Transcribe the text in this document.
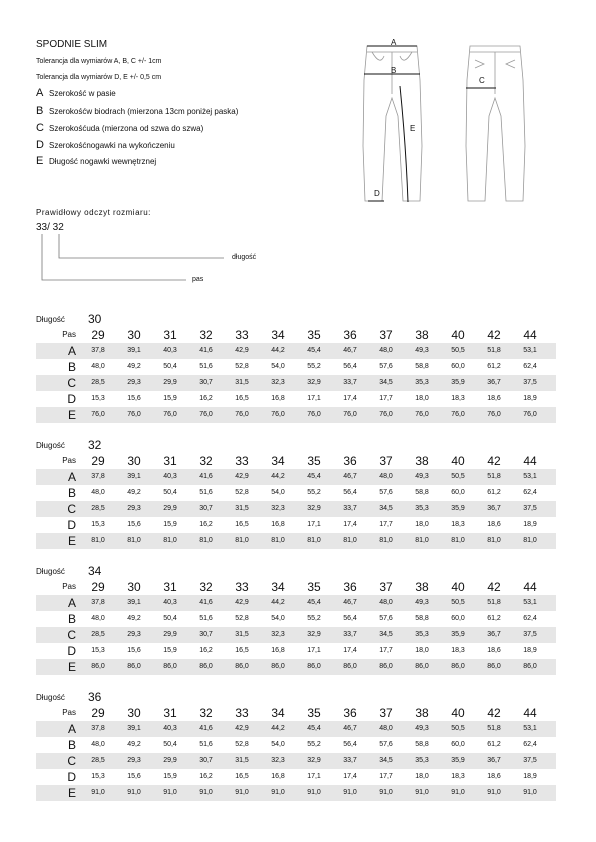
SPODNIE SLIM
Tolerancja dla wymiarów A, B, C +/- 1cm
Tolerancja dla wymiarów D, E +/- 0,5 cm
A Szerokość w pasie
B Szerokośćw biodrach (mierzona 13cm poniżej paska)
C Szerokośćuda (mierzona od szwa do szwa)
D Szerokośćnogawki na wykończeniu
E Długość nogawki wewnętrznej
A
B
C
D
E
Prawidłowy odczyt rozmiaru:
33/ 32
długość
pas
Długość 30
Pas	29	30	31	32	33	34	35	36	37	38	40	42	44
A	37,8	39,1	40,3	41,6	42,9	44,2	45,4	46,7	48,0	49,3	50,5	51,8	53,1
B	48,0	49,2	50,4	51,6	52,8	54,0	55,2	56,4	57,6	58,8	60,0	61,2	62,4
C	28,5	29,3	29,9	30,7	31,5	32,3	32,9	33,7	34,5	35,3	35,9	36,7	37,5
D	15,3	15,6	15,9	16,2	16,5	16,8	17,1	17,4	17,7	18,0	18,3	18,6	18,9
E	76,0	76,0	76,0	76,0	76,0	76,0	76,0	76,0	76,0	76,0	76,0	76,0	76,0
Długość 32
Pas	29	30	31	32	33	34	35	36	37	38	40	42	44
A	37,8	39,1	40,3	41,6	42,9	44,2	45,4	46,7	48,0	49,3	50,5	51,8	53,1
B	48,0	49,2	50,4	51,6	52,8	54,0	55,2	56,4	57,6	58,8	60,0	61,2	62,4
C	28,5	29,3	29,9	30,7	31,5	32,3	32,9	33,7	34,5	35,3	35,9	36,7	37,5
D	15,3	15,6	15,9	16,2	16,5	16,8	17,1	17,4	17,7	18,0	18,3	18,6	18,9
E	81,0	81,0	81,0	81,0	81,0	81,0	81,0	81,0	81,0	81,0	81,0	81,0	81,0
Długość 34
Pas	29	30	31	32	33	34	35	36	37	38	40	42	44
A	37,8	39,1	40,3	41,6	42,9	44,2	45,4	46,7	48,0	49,3	50,5	51,8	53,1
B	48,0	49,2	50,4	51,6	52,8	54,0	55,2	56,4	57,6	58,8	60,0	61,2	62,4
C	28,5	29,3	29,9	30,7	31,5	32,3	32,9	33,7	34,5	35,3	35,9	36,7	37,5
D	15,3	15,6	15,9	16,2	16,5	16,8	17,1	17,4	17,7	18,0	18,3	18,6	18,9
E	86,0	86,0	86,0	86,0	86,0	86,0	86,0	86,0	86,0	86,0	86,0	86,0	86,0
Długość 36
Pas	29	30	31	32	33	34	35	36	37	38	40	42	44
A	37,8	39,1	40,3	41,6	42,9	44,2	45,4	46,7	48,0	49,3	50,5	51,8	53,1
B	48,0	49,2	50,4	51,6	52,8	54,0	55,2	56,4	57,6	58,8	60,0	61,2	62,4
C	28,5	29,3	29,9	30,7	31,5	32,3	32,9	33,7	34,5	35,3	35,9	36,7	37,5
D	15,3	15,6	15,9	16,2	16,5	16,8	17,1	17,4	17,7	18,0	18,3	18,6	18,9
E	91,0	91,0	91,0	91,0	91,0	91,0	91,0	91,0	91,0	91,0	91,0	91,0	91,0
